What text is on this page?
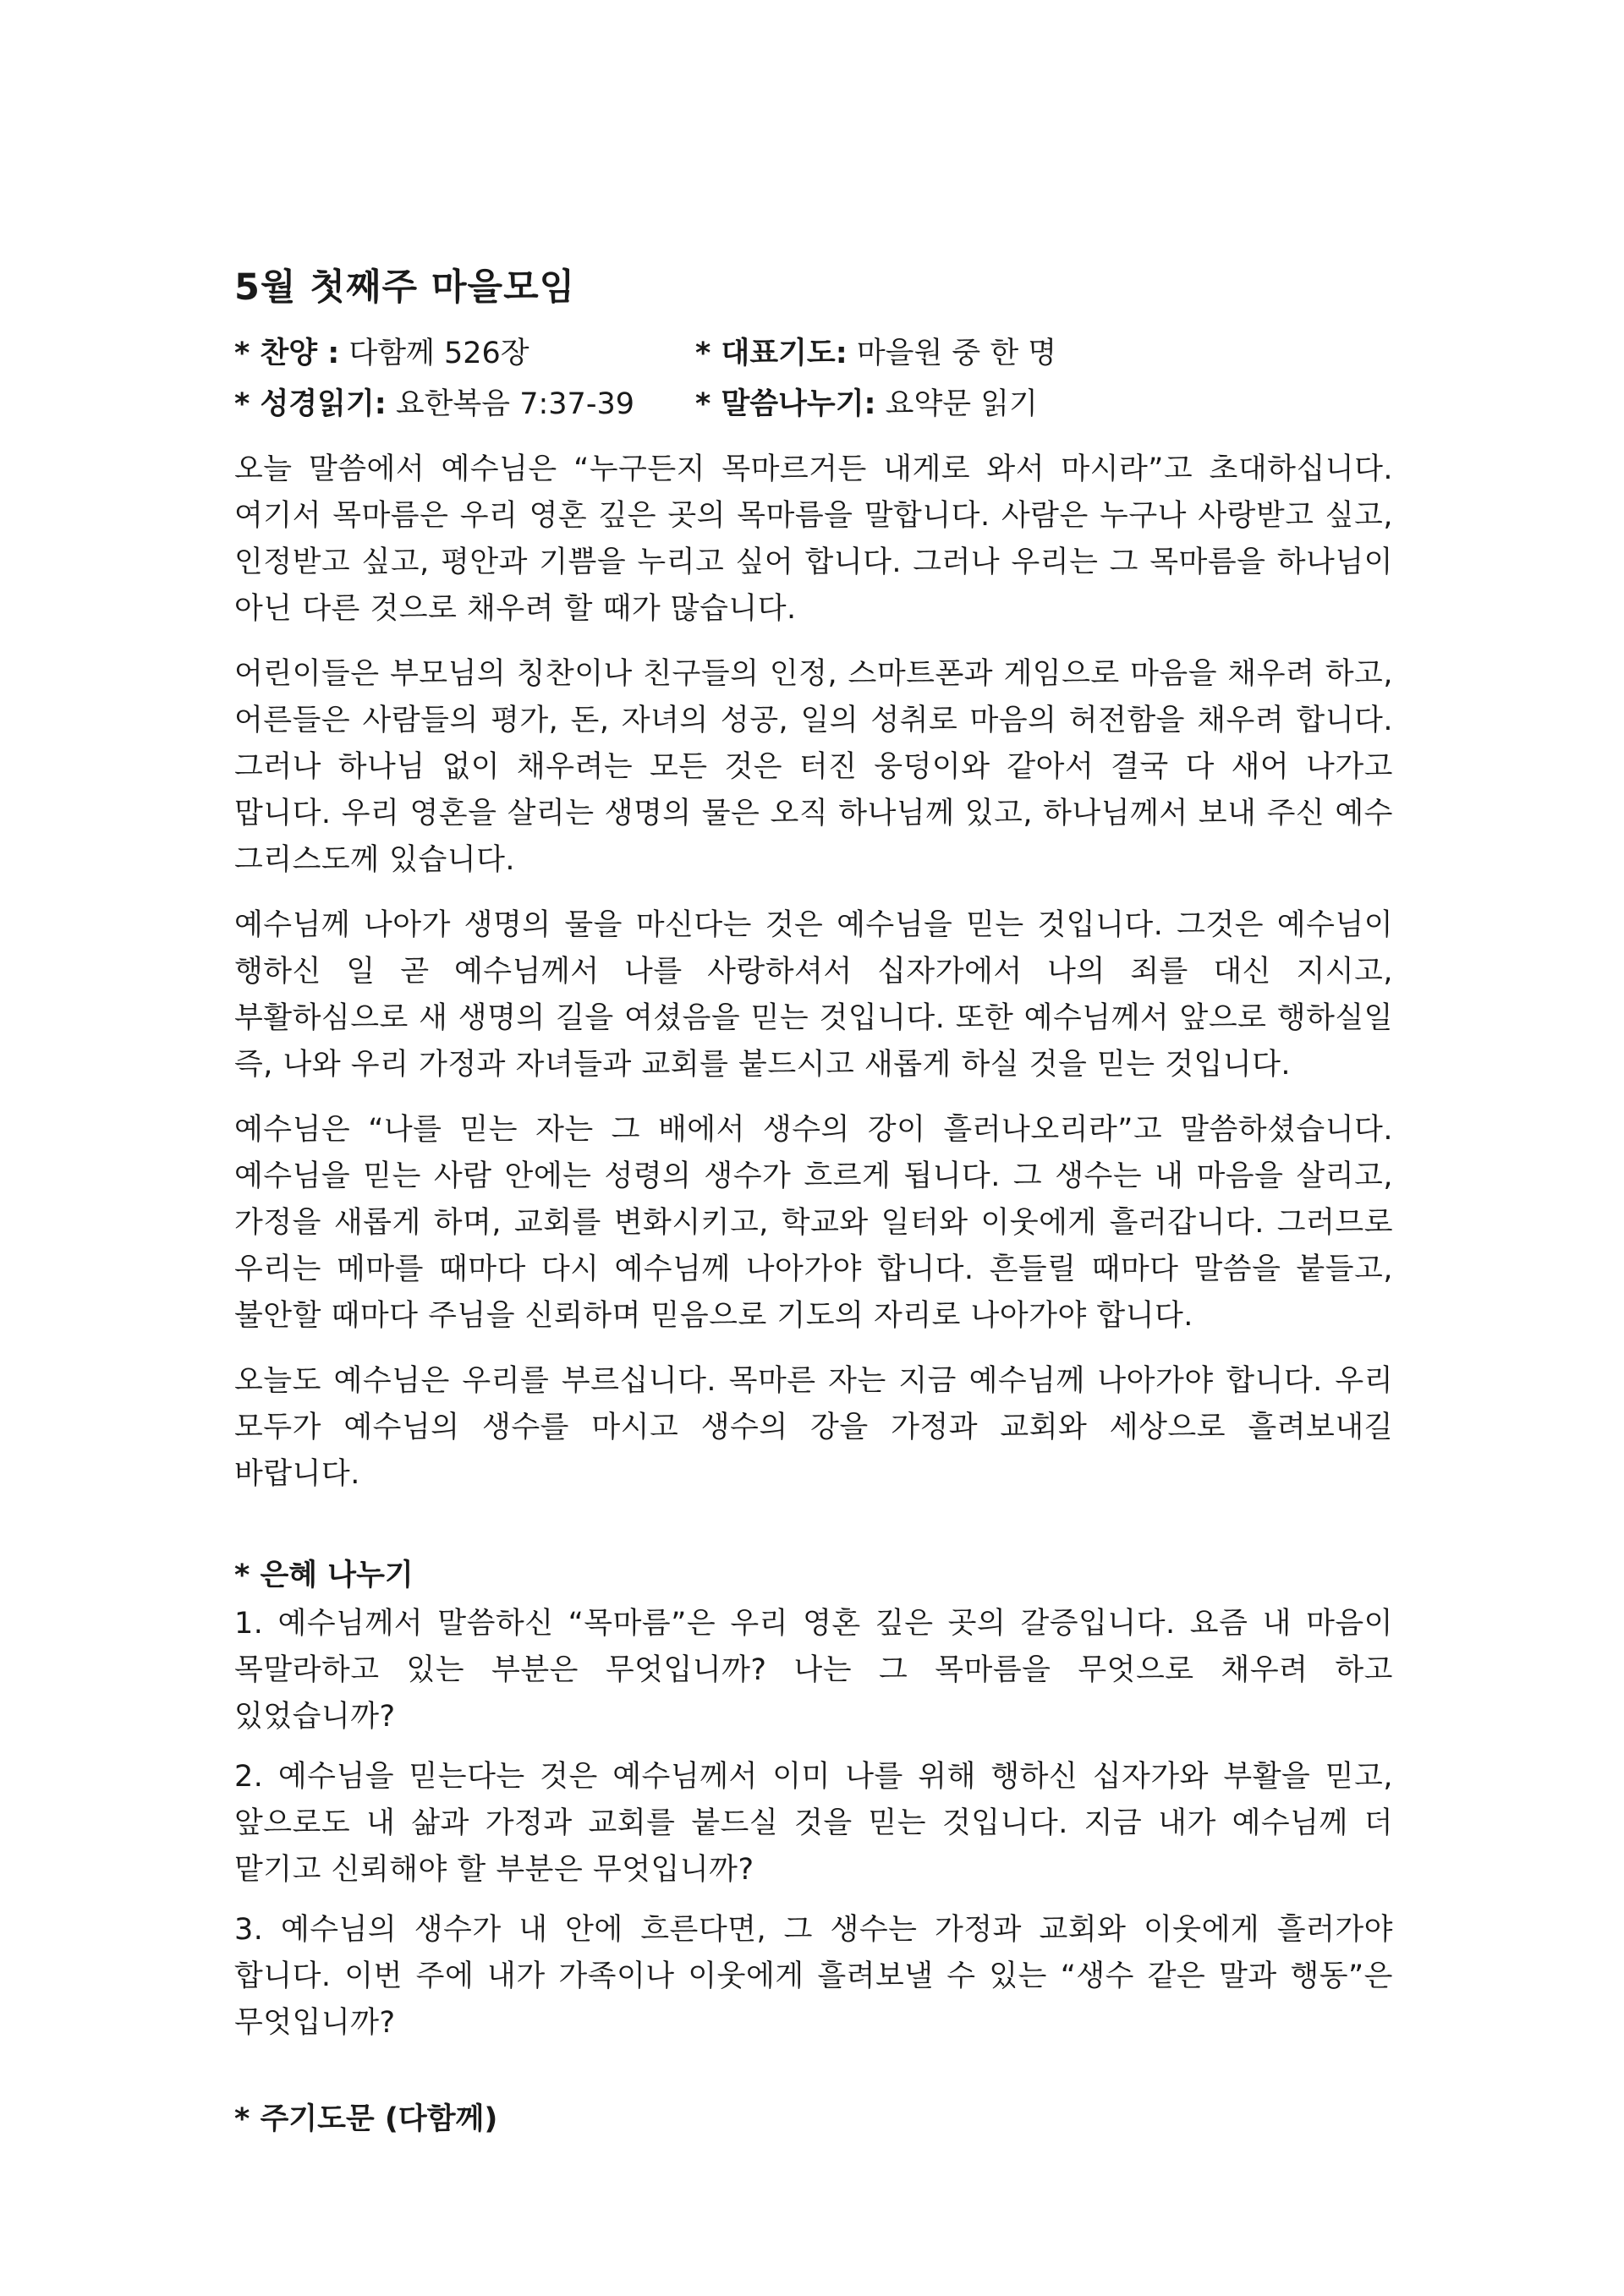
5월 첫째주 마을모임
* 찬양 : 다함께 526장	* 대표기도: 마을원 중 한 명
* 성경읽기: 요한복음 7:37-39	* 말씀나누기: 요약문 읽기

오늘 말씀에서 예수님은 “누구든지 목마르거든 내게로 와서 마시라”고 초대하십니다. 여기서 목마름은 우리 영혼 깊은 곳의 목마름을 말합니다. 사람은 누구나 사랑받고 싶고, 인정받고 싶고, 평안과 기쁨을 누리고 싶어 합니다. 그러나 우리는 그 목마름을 하나님이 아닌 다른 것으로 채우려 할 때가 많습니다.

어린이들은 부모님의 칭찬이나 친구들의 인정, 스마트폰과 게임으로 마음을 채우려 하고, 어른들은 사람들의 평가, 돈, 자녀의 성공, 일의 성취로 마음의 허전함을 채우려 합니다. 그러나 하나님 없이 채우려는 모든 것은 터진 웅덩이와 같아서 결국 다 새어 나가고 맙니다. 우리 영혼을 살리는 생명의 물은 오직 하나님께 있고, 하나님께서 보내 주신 예수 그리스도께 있습니다.

예수님께 나아가 생명의 물을 마신다는 것은 예수님을 믿는 것입니다. 그것은 예수님이 행하신 일 곧 예수님께서 나를 사랑하셔서 십자가에서 나의 죄를 대신 지시고, 부활하심으로 새 생명의 길을 여셨음을 믿는 것입니다. 또한 예수님께서 앞으로 행하실일 즉, 나와 우리 가정과 자녀들과 교회를 붙드시고 새롭게 하실 것을 믿는 것입니다.

예수님은 “나를 믿는 자는 그 배에서 생수의 강이 흘러나오리라”고 말씀하셨습니다. 예수님을 믿는 사람 안에는 성령의 생수가 흐르게 됩니다. 그 생수는 내 마음을 살리고, 가정을 새롭게 하며, 교회를 변화시키고, 학교와 일터와 이웃에게 흘러갑니다. 그러므로 우리는 메마를 때마다 다시 예수님께 나아가야 합니다. 흔들릴 때마다 말씀을 붙들고, 불안할 때마다 주님을 신뢰하며 믿음으로 기도의 자리로 나아가야 합니다.

오늘도 예수님은 우리를 부르십니다. 목마른 자는 지금 예수님께 나아가야 합니다. 우리 모두가 예수님의 생수를 마시고 생수의 강을 가정과 교회와 세상으로 흘려보내길 바랍니다.

* 은혜 나누기

1. 예수님께서 말씀하신 “목마름”은 우리 영혼 깊은 곳의 갈증입니다. 요즘 내 마음이 목말라하고 있는 부분은 무엇입니까? 나는 그 목마름을 무엇으로 채우려 하고 있었습니까?

2. 예수님을 믿는다는 것은 예수님께서 이미 나를 위해 행하신 십자가와 부활을 믿고, 앞으로도 내 삶과 가정과 교회를 붙드실 것을 믿는 것입니다. 지금 내가 예수님께 더 맡기고 신뢰해야 할 부분은 무엇입니까?

3. 예수님의 생수가 내 안에 흐른다면, 그 생수는 가정과 교회와 이웃에게 흘러가야 합니다. 이번 주에 내가 가족이나 이웃에게 흘려보낼 수 있는 “생수 같은 말과 행동”은 무엇입니까?

* 주기도문 (다함께)
